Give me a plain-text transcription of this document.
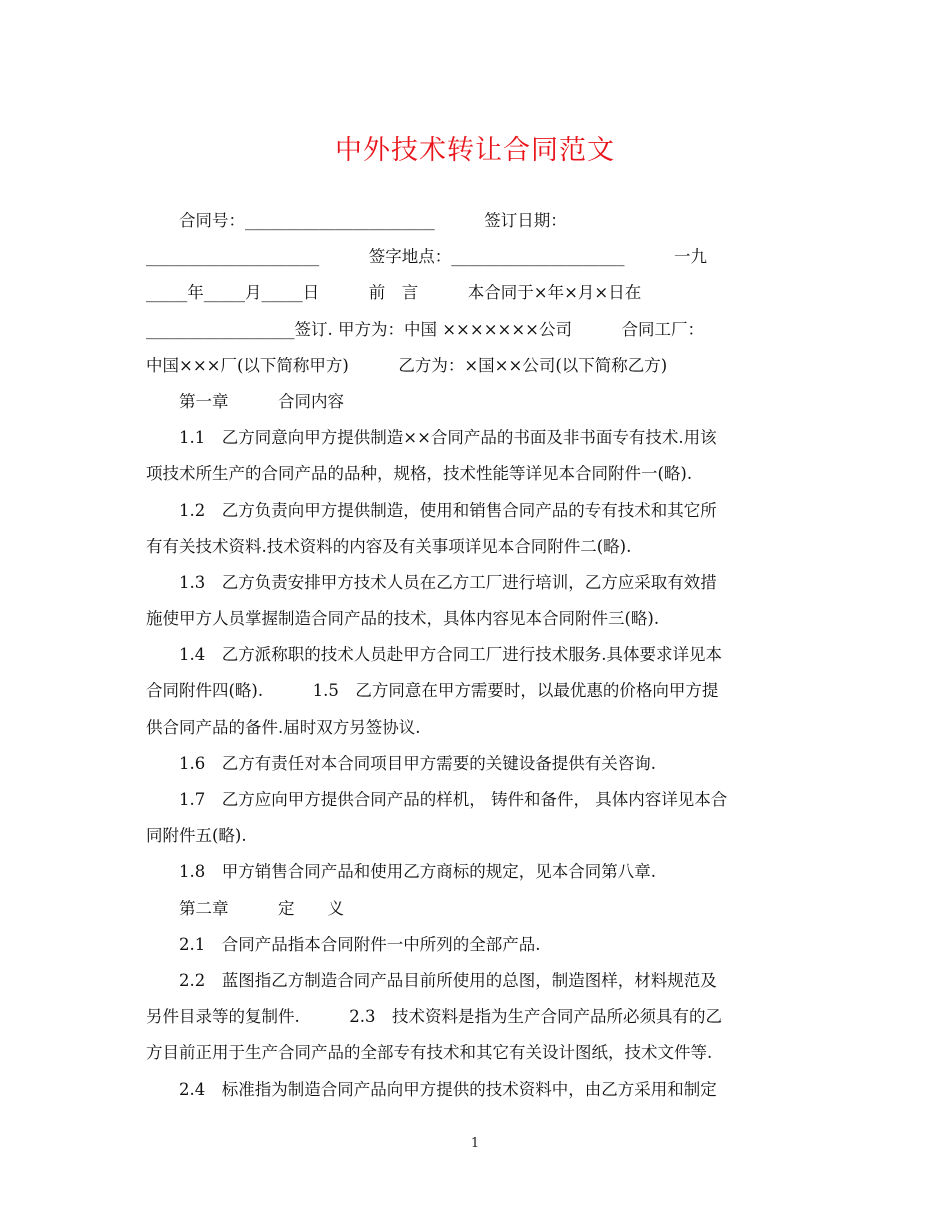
中外技术转让合同范文
　　合同号：_______________________　　　签订日期：
_____________________　　　签字地点：_____________________　　　一九
_____年_____月_____日　　　前　言　　　本合同于×年×月×日在
__________________签订. 甲方为：中国 ×××××××公司　　　合同工厂：
中国×××厂(以下简称甲方)　　　乙方为：×国××公司(以下简称乙方)
　　第一章　　　合同内容
　　1.1　乙方同意向甲方提供制造××合同产品的书面及非书面专有技术.用该
项技术所生产的合同产品的品种，规格，技术性能等详见本合同附件一(略).
　　1.2　乙方负责向甲方提供制造，使用和销售合同产品的专有技术和其它所
有有关技术资料.技术资料的内容及有关事项详见本合同附件二(略).
　　1.3　乙方负责安排甲方技术人员在乙方工厂进行培训，乙方应采取有效措
施使甲方人员掌握制造合同产品的技术，具体内容见本合同附件三(略).
　　1.4　乙方派称职的技术人员赴甲方合同工厂进行技术服务.具体要求详见本
合同附件四(略).　　　1.5　乙方同意在甲方需要时，以最优惠的价格向甲方提
供合同产品的备件.届时双方另签协议.
　　1.6　乙方有责任对本合同项目甲方需要的关键设备提供有关咨询.
　　1.7　乙方应向甲方提供合同产品的样机， 铸件和备件， 具体内容详见本合
同附件五(略).
　　1.8　甲方销售合同产品和使用乙方商标的规定，见本合同第八章.
　　第二章　　　定　　义
　　2.1　合同产品指本合同附件一中所列的全部产品.
　　2.2　蓝图指乙方制造合同产品目前所使用的总图，制造图样，材料规范及
另件目录等的复制件.　　　2.3　技术资料是指为生产合同产品所必须具有的乙
方目前正用于生产合同产品的全部专有技术和其它有关设计图纸，技术文件等.
　　2.4　标准指为制造合同产品向甲方提供的技术资料中，由乙方采用和制定
1
